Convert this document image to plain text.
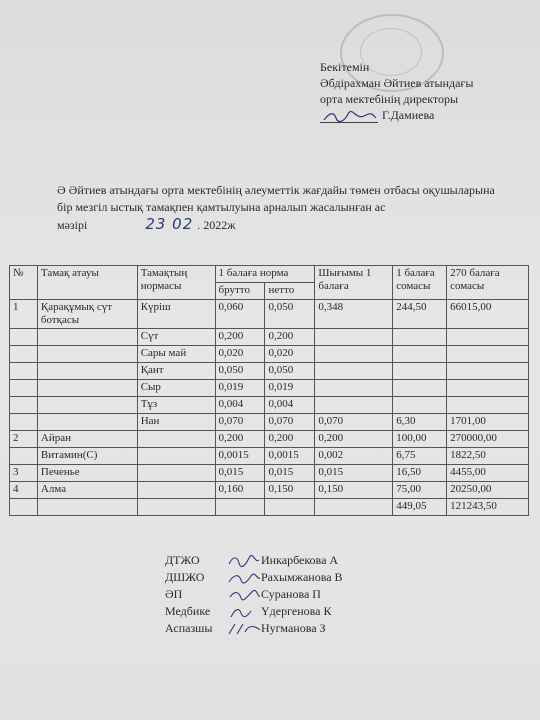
Бекітемін
Әбдірахман Әйтиев атындағы
орта мектебінің директоры
Г.Дамиева
Ә Әйтиев атындағы орта мектебінің әлеуметтік жағдайы төмен отбасы оқушыларына бір мезгіл ыстық тамақпен қамтылуына арналып жасалынған ас мәзірі	23 02 . 2022ж
№	Тамақ атауы	Тамақтың нормасы	1 балаға норма		Шығымы 1 балаға	1 балаға сомасы	270 балаға сомасы
			брутто	нетто			
1	Қарақұмық сүт ботқасы	Күріш	0,060	0,050	0,348	244,50	66015,00
		Сүт	0,200	0,200			
		Сары май	0,020	0,020			
		Қант	0,050	0,050			
		Сыр	0,019	0,019			
		Тұз	0,004	0,004			
		Нан	0,070	0,070	0,070	6,30	1701,00
2	Айран		0,200	0,200	0,200	100,00	270000,00
	Витамин(С)		0,0015	0,0015	0,002	6,75	1822,50
3	Печенье		0,015	0,015	0,015	16,50	4455,00
4	Алма		0,160	0,150	0,150	75,00	20250,00
						449,05	121243,50
ДТЖО	Инкарбекова А
ДШЖО	Рахымжанова В
ӘП	Суранова П
Медбике	Үдергенова К
Аспазшы	Нугманова З
